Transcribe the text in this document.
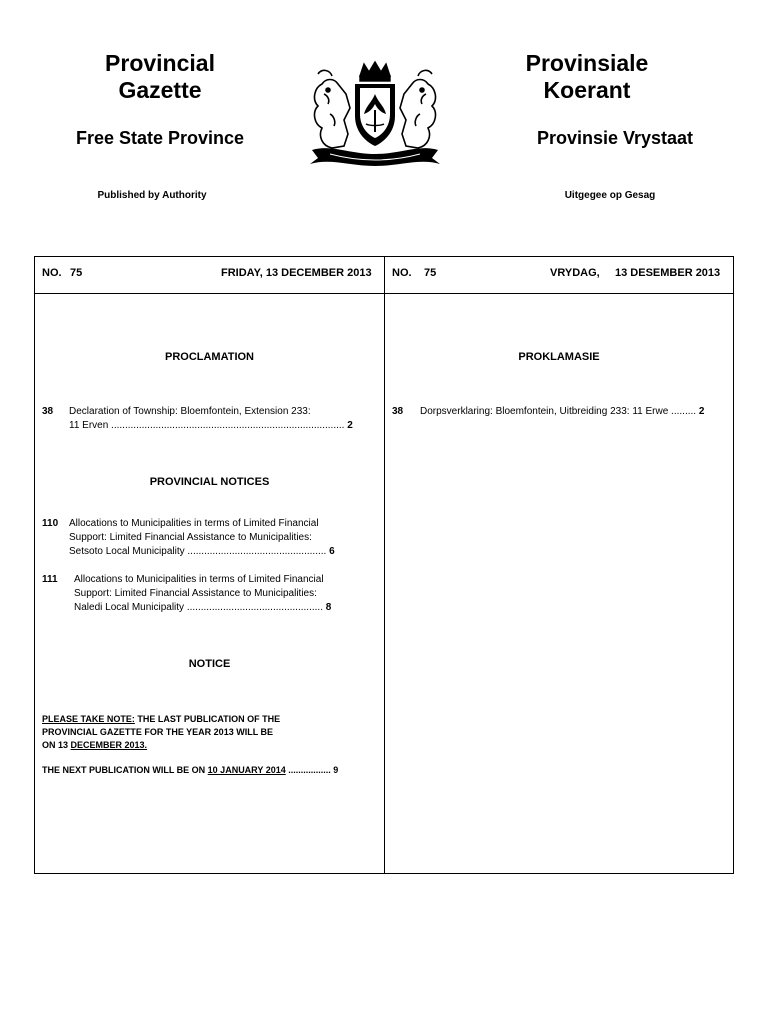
Provincial
Gazette
Provinsiale
Koerant
Free State Province	Provinsie Vrystaat
Published by Authority	Uitgegee op Gesag
NO. 75	FRIDAY, 13 DECEMBER 2013 NO. 75	VRYDAG, 13 DESEMBER 2013
PROCLAMATION
38 Declaration of Township: Bloemfontein, Extension 233:
11 Erven .................................................................................... 2
PROVINCIAL NOTICES
110 Allocations to Municipalities in terms of Limited Financial
Support: Limited Financial Assistance to Municipalities:
Setsoto Local Municipality .................................................. 6
111 Allocations to Municipalities in terms of Limited Financial
Support: Limited Financial Assistance to Municipalities:
Naledi Local Municipality ................................................. 8
NOTICE
PLEASE TAKE NOTE: THE LAST PUBLICATION OF THE
PROVINCIAL GAZETTE FOR THE YEAR 2013 WILL BE
ON 13 DECEMBER 2013.
THE NEXT PUBLICATION WILL BE ON 10 JANUARY 2014 ................. 9
PROKLAMASIE
38 Dorpsverklaring: Bloemfontein, Uitbreiding 233: 11 Erwe ......... 2
